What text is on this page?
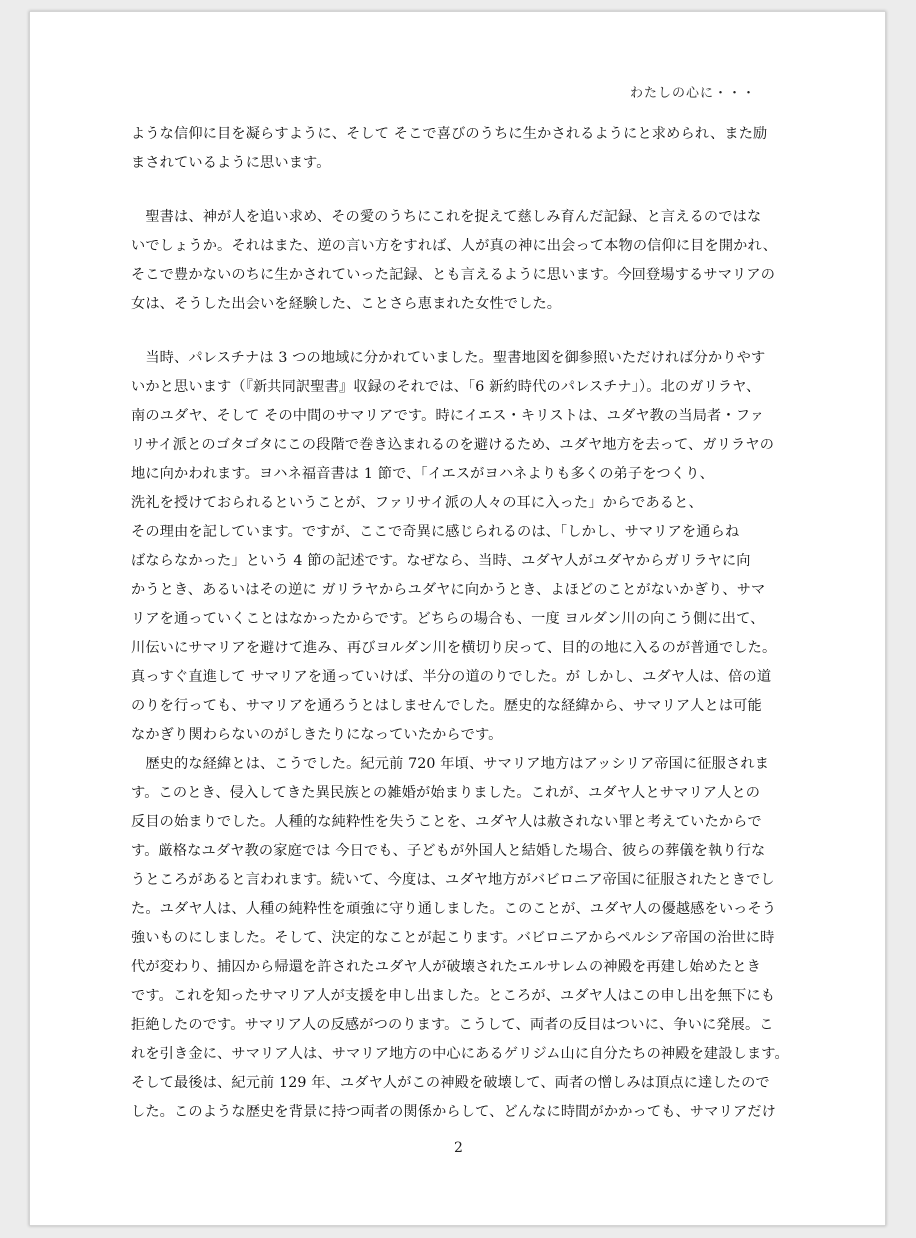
わたしの心に・・・
ような信仰に目を凝らすように、そして そこで喜びのうちに生かされるようにと求められ、また励
まされているように思います。
　聖書は、神が人を追い求め、その愛のうちにこれを捉えて慈しみ育んだ記録、と言えるのではな
いでしょうか。それはまた、逆の言い方をすれば、人が真の神に出会って本物の信仰に目を開かれ、
そこで豊かないのちに生かされていった記録、とも言えるように思います。今回登場するサマリアの
女は、そうした出会いを経験した、ことさら恵まれた女性でした。
　当時、パレスチナは 3 つの地域に分かれていました。聖書地図を御参照いただければ分かりやす
いかと思います（『新共同訳聖書』収録のそれでは、「6 新約時代のパレスチナ」）。北のガリラヤ、
南のユダヤ、そして その中間のサマリアです。時にイエス・キリストは、ユダヤ教の当局者・ファ
リサイ派とのゴタゴタにこの段階で巻き込まれるのを避けるため、ユダヤ地方を去って、ガリラヤの
地に向かわれます。ヨハネ福音書は 1 節で、「イエスがヨハネよりも多くの弟子をつくり、
洗礼を授けておられるということが、ファリサイ派の人々の耳に入った」からであると、
その理由を記しています。ですが、ここで奇異に感じられるのは、「しかし、サマリアを通らね
ばならなかった」という 4 節の記述です。なぜなら、当時、ユダヤ人がユダヤからガリラヤに向
かうとき、あるいはその逆に ガリラヤからユダヤに向かうとき、よほどのことがないかぎり、サマ
リアを通っていくことはなかったからです。どちらの場合も、一度 ヨルダン川の向こう側に出て、
川伝いにサマリアを避けて進み、再びヨルダン川を横切り戻って、目的の地に入るのが普通でした。
真っすぐ直進して サマリアを通っていけば、半分の道のりでした。が しかし、ユダヤ人は、倍の道
のりを行っても、サマリアを通ろうとはしませんでした。歴史的な経緯から、サマリア人とは可能
なかぎり関わらないのがしきたりになっていたからです。
　歴史的な経緯とは、こうでした。紀元前 720 年頃、サマリア地方はアッシリア帝国に征服されま
す。このとき、侵入してきた異民族との雑婚が始まりました。これが、ユダヤ人とサマリア人との
反目の始まりでした。人種的な純粋性を失うことを、ユダヤ人は赦されない罪と考えていたからで
す。厳格なユダヤ教の家庭では 今日でも、子どもが外国人と結婚した場合、彼らの葬儀を執り行な
うところがあると言われます。続いて、今度は、ユダヤ地方がバビロニア帝国に征服されたときでし
た。ユダヤ人は、人種の純粋性を頑強に守り通しました。このことが、ユダヤ人の優越感をいっそう
強いものにしました。そして、決定的なことが起こります。バビロニアからペルシア帝国の治世に時
代が変わり、捕囚から帰還を許されたユダヤ人が破壊されたエルサレムの神殿を再建し始めたとき
です。これを知ったサマリア人が支援を申し出ました。ところが、ユダヤ人はこの申し出を無下にも
拒絶したのです。サマリア人の反感がつのります。こうして、両者の反目はついに、争いに発展。こ
れを引き金に、サマリア人は、サマリア地方の中心にあるゲリジム山に自分たちの神殿を建設します。
そして最後は、紀元前 129 年、ユダヤ人がこの神殿を破壊して、両者の憎しみは頂点に達したので
した。このような歴史を背景に持つ両者の関係からして、どんなに時間がかかっても、サマリアだけ
2
